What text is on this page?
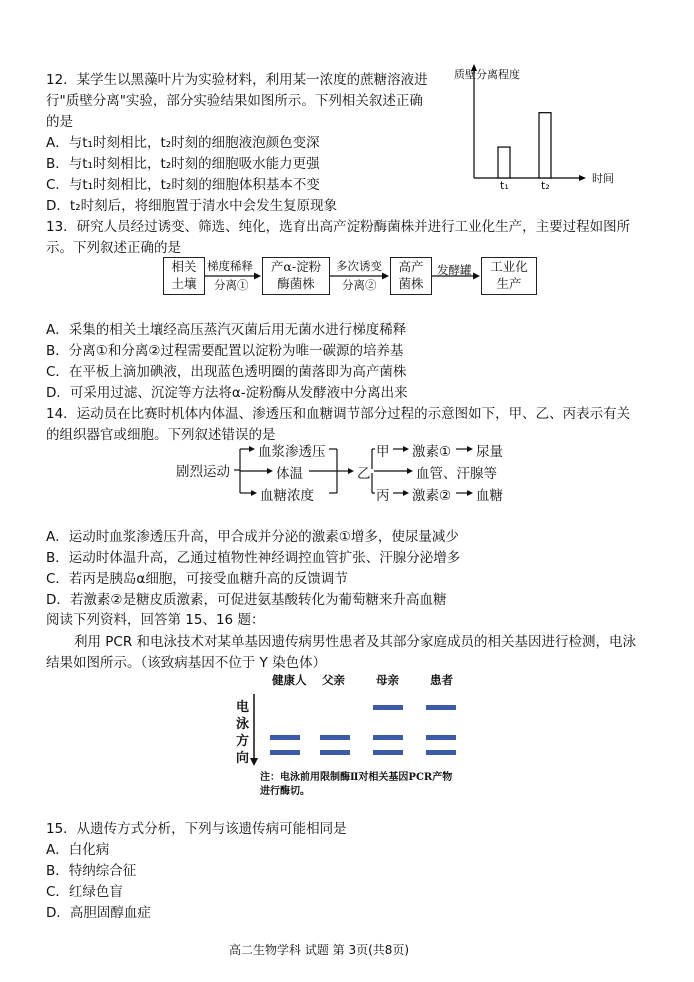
12．某学生以黑藻叶片为实验材料，利用某一浓度的蔗糖溶液进
行"质壁分离"实验，部分实验结果如图所示。下列相关叙述正确
的是
A．与t₁时刻相比，t₂时刻的细胞液泡颜色变深
B．与t₁时刻相比，t₂时刻的细胞吸水能力更强
C．与t₁时刻相比，t₂时刻的细胞体积基本不变
D．t₂时刻后，将细胞置于清水中会发生复原现象
质壁分离程度
时间
t₁	t₂
13．研究人员经过诱变、筛选、纯化，选育出高产淀粉酶菌株并进行工业化生产，主要过程如图所
示。下列叙述正确的是
相关
土壤
梯度稀释
分离①
产α-淀粉
酶菌株
多次诱变
分离②
高产
菌株
发酵罐	工业化
生产
A．采集的相关土壤经高压蒸汽灭菌后用无菌水进行梯度稀释
B．分离①和分离②过程需要配置以淀粉为唯一碳源的培养基
C．在平板上滴加碘液，出现蓝色透明圈的菌落即为高产菌株
D．可采用过滤、沉淀等方法将α-淀粉酶从发酵液中分离出来
14．运动员在比赛时机体内体温、渗透压和血糖调节部分过程的示意图如下，甲、乙、丙表示有关
的组织器官或细胞。下列叙述错误的是
剧烈运动
血浆渗透压
体温
血糖浓度
乙
甲 激素① 尿量
血管、汗腺等
丙 激素② 血糖
A．运动时血浆渗透压升高，甲合成并分泌的激素①增多，使尿量减少
B．运动时体温升高，乙通过植物性神经调控血管扩张、汗腺分泌增多
C．若丙是胰岛α细胞，可接受血糖升高的反馈调节
D．若激素②是糖皮质激素，可促进氨基酸转化为葡萄糖来升高血糖
阅读下列资料，回答第 15、16 题：
利用 PCR 和电泳技术对某单基因遗传病男性患者及其部分家庭成员的相关基因进行检测，电泳
结果如图所示。（该致病基因不位于 Y 染色体）
健康人 父亲	母亲	患者
电
泳
方
向
注：电泳前用限制酶Ⅱ对相关基因PCR产物
进行酶切。
15．从遗传方式分析，下列与该遗传病可能相同是
A．白化病
B．特纳综合征
C．红绿色盲
D．高胆固醇血症
高二生物学科 试题 第 3页(共8页)
